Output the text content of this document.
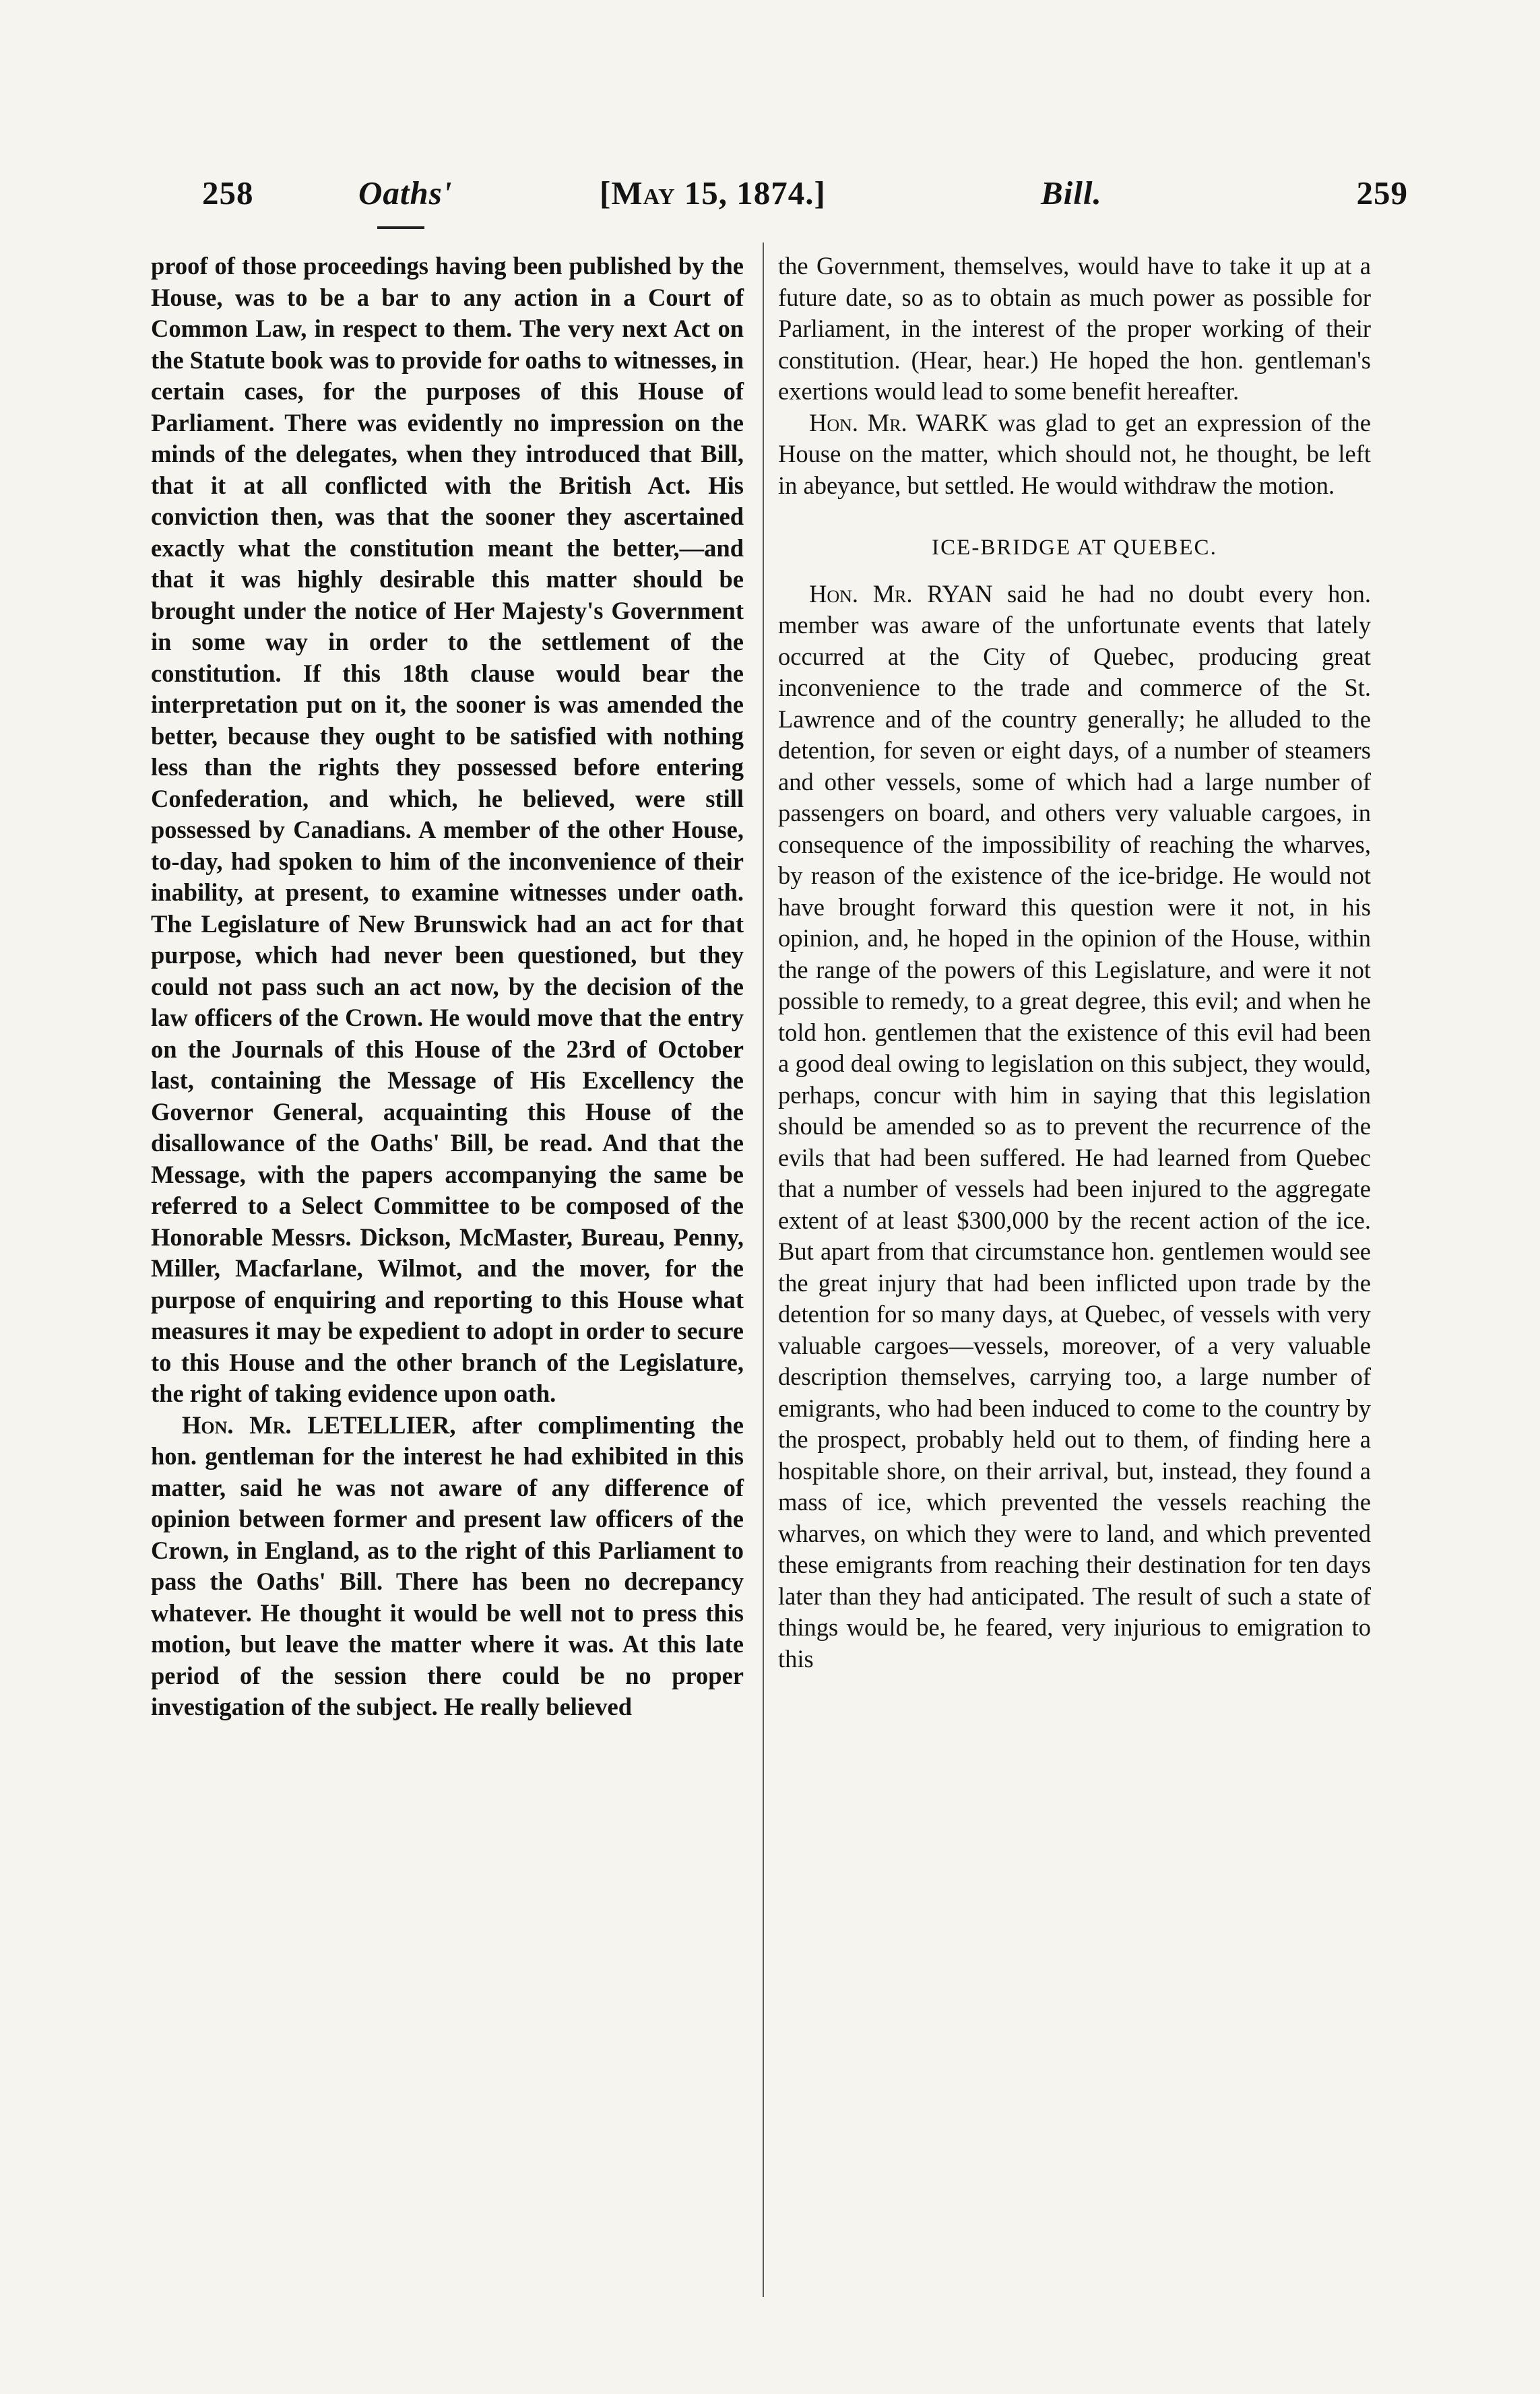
258	Oaths'	[May 15, 1874.]	Bill.	259

proof of those proceedings having been published by the House, was to be a bar to any action in a Court of Common Law, in respect to them. The very next Act on the Statute book was to provide for oaths to witnesses, in certain cases, for the purposes of this House of Parliament. There was evidently no impression on the minds of the delegates, when they introduced that Bill, that it at all conflicted with the British Act. His conviction then, was that the sooner they ascertained exactly what the constitution meant the better,—and that it was highly desirable this matter should be brought under the notice of Her Majesty's Government in some way in order to the settlement of the constitution. If this 18th clause would bear the interpretation put on it, the sooner is was amended the better, because they ought to be satisfied with nothing less than the rights they possessed before entering Confederation, and which, he believed, were still possessed by Canadians. A member of the other House, to-day, had spoken to him of the inconvenience of their inability, at present, to examine witnesses under oath. The Legislature of New Brunswick had an act for that purpose, which had never been questioned, but they could not pass such an act now, by the decision of the law officers of the Crown. He would move that the entry on the Journals of this House of the 23rd of October last, containing the Message of His Excellency the Governor General, acquainting this House of the disallowance of the Oaths' Bill, be read. And that the Message, with the papers accompanying the same be referred to a Select Committee to be composed of the Honorable Messrs. Dickson, McMaster, Bureau, Penny, Miller, Macfarlane, Wilmot, and the mover, for the purpose of enquiring and reporting to this House what measures it may be expedient to adopt in order to secure to this House and the other branch of the Legislature, the right of taking evidence upon oath.

Hon. Mr. LETELLIER, after complimenting the hon. gentleman for the interest he had exhibited in this matter, said he was not aware of any difference of opinion between former and present law officers of the Crown, in England, as to the right of this Parliament to pass the Oaths' Bill. There has been no decrepancy whatever. He thought it would be well not to press this motion, but leave the matter where it was. At this late period of the session there could be no proper investigation of the subject. He really believed

the Government, themselves, would have to take it up at a future date, so as to obtain as much power as possible for Parliament, in the interest of the proper working of their constitution. (Hear, hear.) He hoped the hon. gentleman's exertions would lead to some benefit hereafter.

Hon. Mr. WARK was glad to get an expression of the House on the matter, which should not, he thought, be left in abeyance, but settled. He would withdraw the motion.

ICE-BRIDGE AT QUEBEC.

Hon. Mr. RYAN said he had no doubt every hon. member was aware of the unfortunate events that lately occurred at the City of Quebec, producing great inconvenience to the trade and commerce of the St. Lawrence and of the country generally; he alluded to the detention, for seven or eight days, of a number of steamers and other vessels, some of which had a large number of passengers on board, and others very valuable cargoes, in consequence of the impossibility of reaching the wharves, by reason of the existence of the ice-bridge. He would not have brought forward this question were it not, in his opinion, and, he hoped in the opinion of the House, within the range of the powers of this Legislature, and were it not possible to remedy, to a great degree, this evil; and when he told hon. gentlemen that the existence of this evil had been a good deal owing to legislation on this subject, they would, perhaps, concur with him in saying that this legislation should be amended so as to prevent the recurrence of the evils that had been suffered. He had learned from Quebec that a number of vessels had been injured to the aggregate extent of at least $300,000 by the recent action of the ice. But apart from that circumstance hon. gentlemen would see the great injury that had been inflicted upon trade by the detention for so many days, at Quebec, of vessels with very valuable cargoes—vessels, moreover, of a very valuable description themselves, carrying too, a large number of emigrants, who had been induced to come to the country by the prospect, probably held out to them, of finding here a hospitable shore, on their arrival, but, instead, they found a mass of ice, which prevented the vessels reaching the wharves, on which they were to land, and which prevented these emigrants from reaching their destination for ten days later than they had anticipated. The result of such a state of things would be, he feared, very injurious to emigration to this
